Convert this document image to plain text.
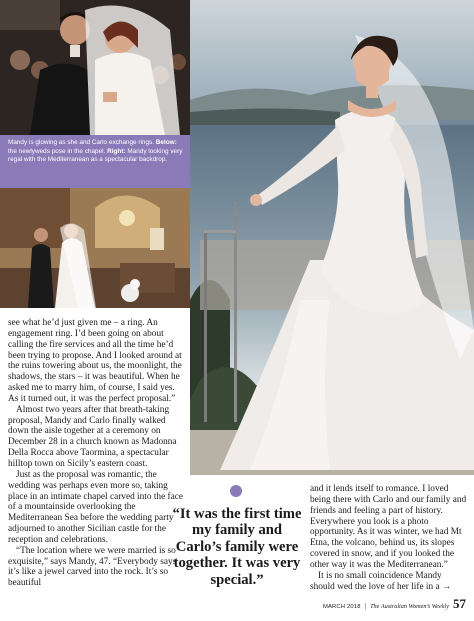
Mandy is glowing as she and Carlo exchange rings. Below: the newlyweds pose in the chapel. Right: Mandy looking very regal with the Mediterranean as a spectacular backdrop.

see what he’d just given me – a ring. An engagement ring. I’d been going on about calling the fire services and all the time he’d been trying to propose. And I looked around at the ruins towering about us, the moonlight, the shadows, the stars – it was beautiful. When he asked me to marry him, of course, I said yes. As it turned out, it was the perfect proposal.”

Almost two years after that breath-taking proposal, Mandy and Carlo finally walked down the aisle together at a ceremony on December 28 in a church known as Madonna Della Rocca above Taormina, a spectacular hilltop town on Sicily’s eastern coast.

Just as the proposal was romantic, the wedding was perhaps even more so, taking place in an intimate chapel carved into the face of a mountainside overlooking the Mediterranean Sea before the wedding party adjourned to another Sicilian castle for the reception and celebrations.

“The location where we were married is so exquisite,” says Mandy, 47. “Everybody says it’s like a jewel carved into the rock. It’s so beautiful

“It was the first time my family and Carlo’s family were together. It was very special.”

and it lends itself to romance. I loved being there with Carlo and our family and friends and feeling a part of history. Everywhere you look is a photo opportunity. As it was winter, we had Mt Etna, the volcano, behind us, its slopes covered in snow, and if you looked the other way it was the Mediterranean.”

It is no small coincidence Mandy should wed the love of her life in a →

MARCH 2018 | The Australian Women’s Weekly 57
